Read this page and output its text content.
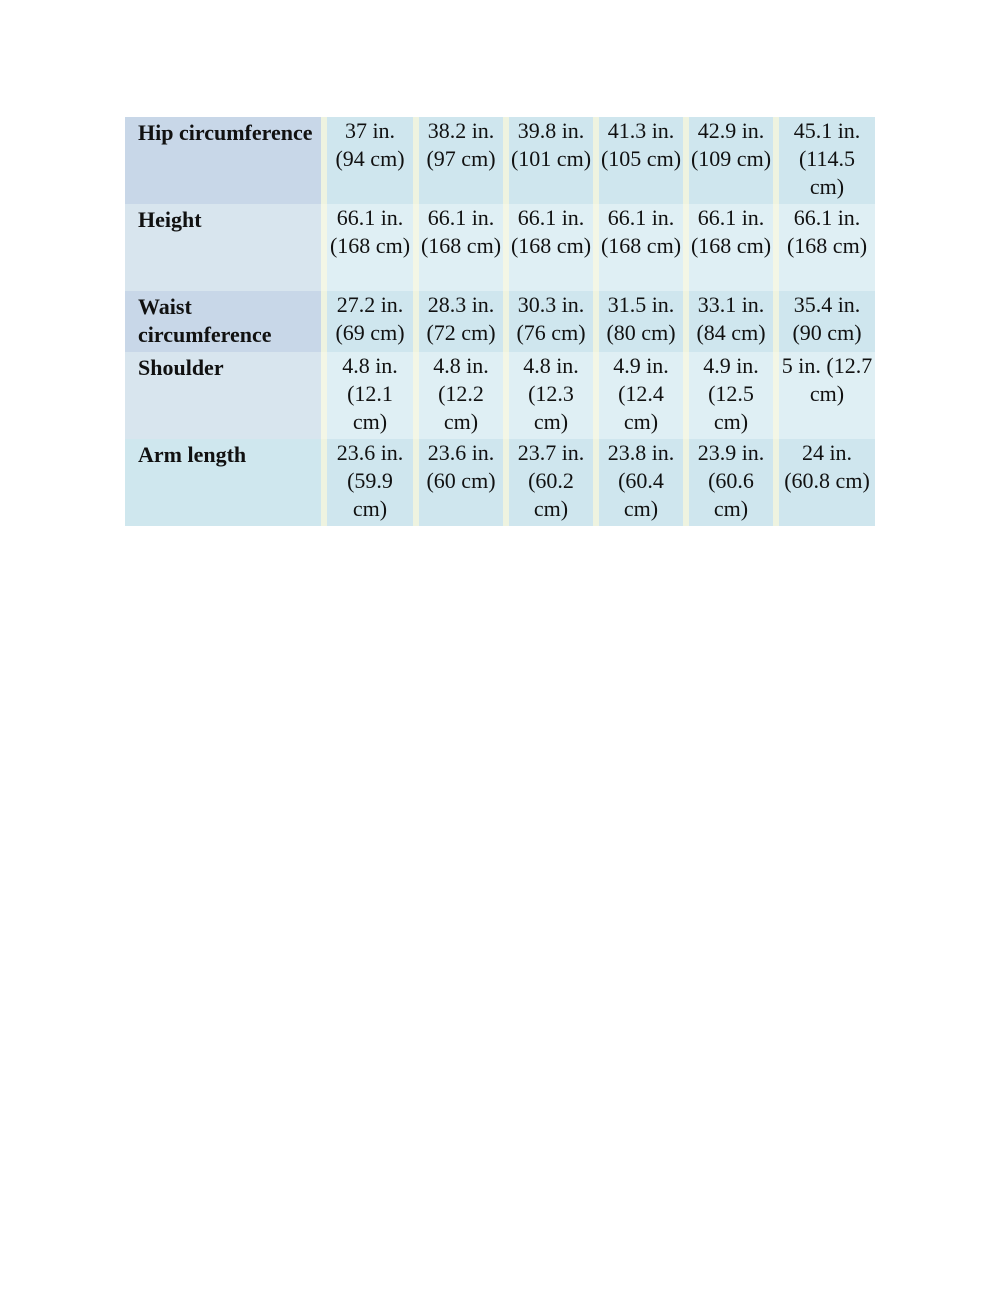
Hip circumference		37 in. (94 cm)		38.2 in. (97 cm)		39.8 in. (101 cm)		41.3 in. (105 cm)		42.9 in. (109 cm)		45.1 in. (114.5 cm)
Height		66.1 in. (168 cm)		66.1 in. (168 cm)		66.1 in. (168 cm)		66.1 in. (168 cm)		66.1 in. (168 cm)		66.1 in. (168 cm)
Waist circumference		27.2 in. (69 cm)		28.3 in. (72 cm)		30.3 in. (76 cm)		31.5 in. (80 cm)		33.1 in. (84 cm)		35.4 in. (90 cm)
Shoulder		4.8 in. (12.1 cm)		4.8 in. (12.2 cm)		4.8 in. (12.3 cm)		4.9 in. (12.4 cm)		4.9 in. (12.5 cm)		5 in. (12.7 cm)
Arm length		23.6 in. (59.9 cm)		23.6 in. (60 cm)		23.7 in. (60.2 cm)		23.8 in. (60.4 cm)		23.9 in. (60.6 cm)		24 in. (60.8 cm)
